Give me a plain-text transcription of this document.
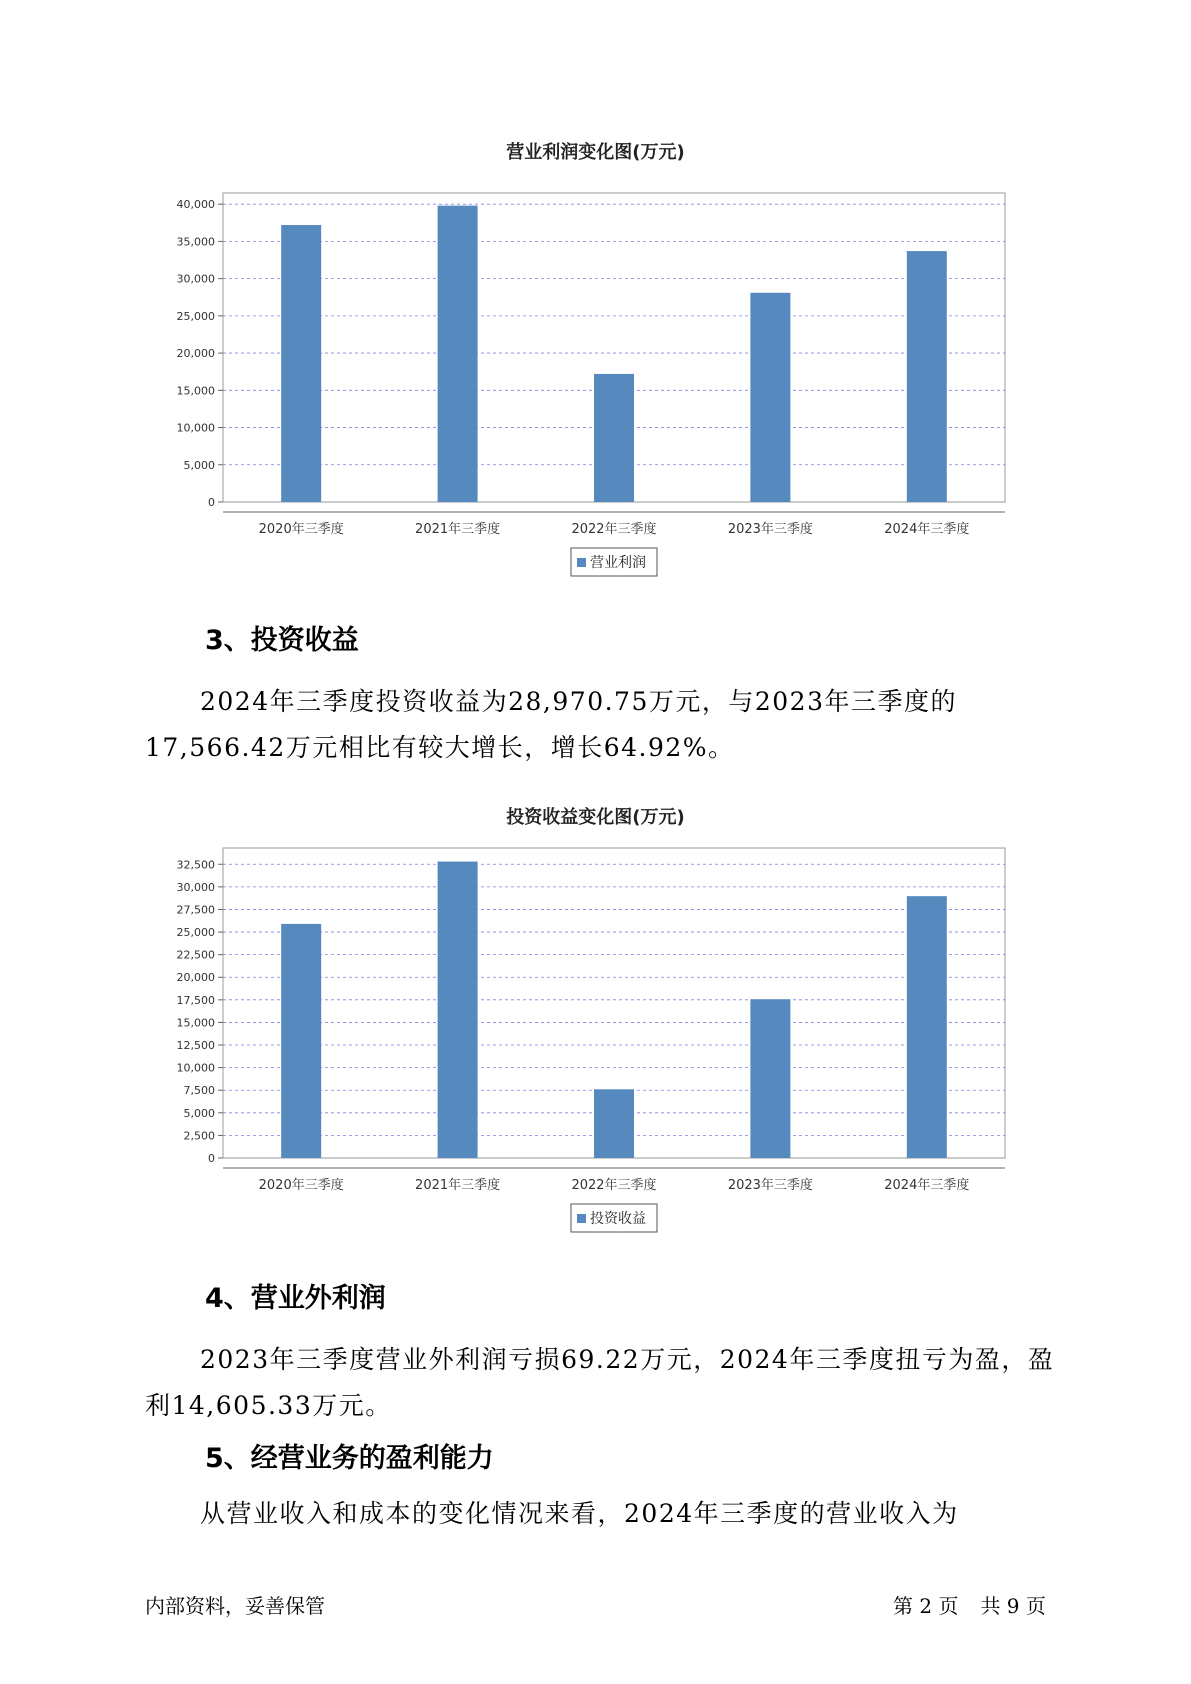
营业利润变化图(万元)
0
5,000
10,000
15,000
20,000
25,000
30,000
35,000
40,000
2020年三季度	2021年三季度	2022年三季度	2023年三季度	2024年三季度
营业利润
3、投资收益

2024年三季度投资收益为28,970.75万元，与2023年三季度的17,566.42万元相比有较大增长，增长64.92%。

投资收益变化图(万元)
0
2,500
5,000
7,500
10,000
12,500
15,000
17,500
20,000
22,500
25,000
27,500
30,000
32,500
2020年三季度	2021年三季度	2022年三季度	2023年三季度	2024年三季度
投资收益
4、营业外利润

2023年三季度营业外利润亏损69.22万元，2024年三季度扭亏为盈，盈利14,605.33万元。

5、经营业务的盈利能力

从营业收入和成本的变化情况来看，2024年三季度的营业收入为

内部资料，妥善保管	第 2 页 共 9 页
